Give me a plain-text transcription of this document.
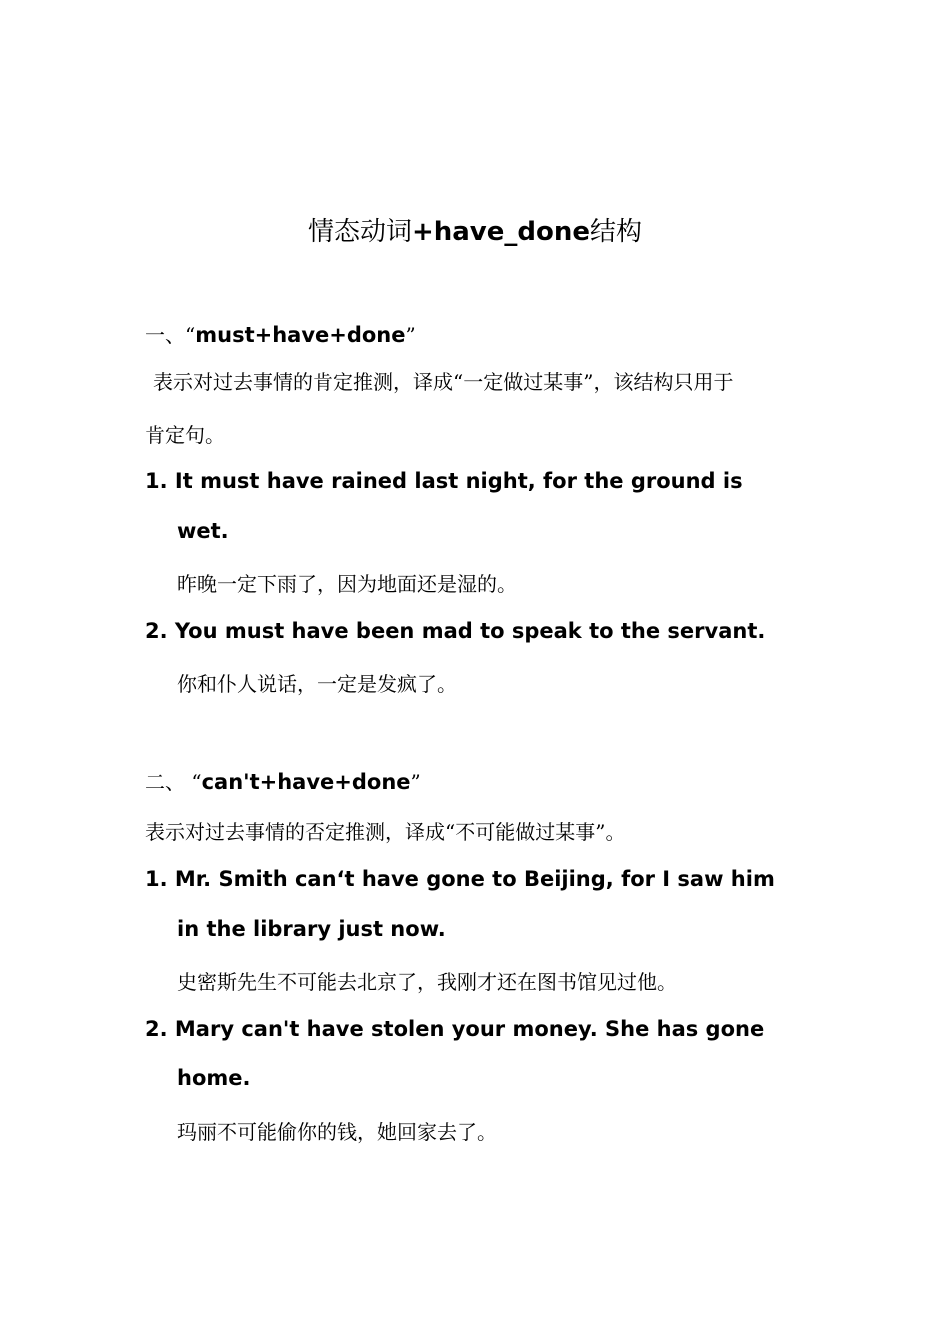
情态动词+have_done结构
一、“must+have+done”
表示对过去事情的肯定推测，译成“一定做过某事”，该结构只用于
肯定句。
1. It must have rained last night, for the ground is
wet.
昨晚一定下雨了，因为地面还是湿的。
2. You must have been mad to speak to the servant.
你和仆人说话，一定是发疯了。
二、 “can't+have+done”
表示对过去事情的否定推测，译成“不可能做过某事”。
1. Mr. Smith can‘t have gone to Beijing, for I saw him
in the library just now.
史密斯先生不可能去北京了，我刚才还在图书馆见过他。
2. Mary can't have stolen your money. She has gone
home.
玛丽不可能偷你的钱，她回家去了。
